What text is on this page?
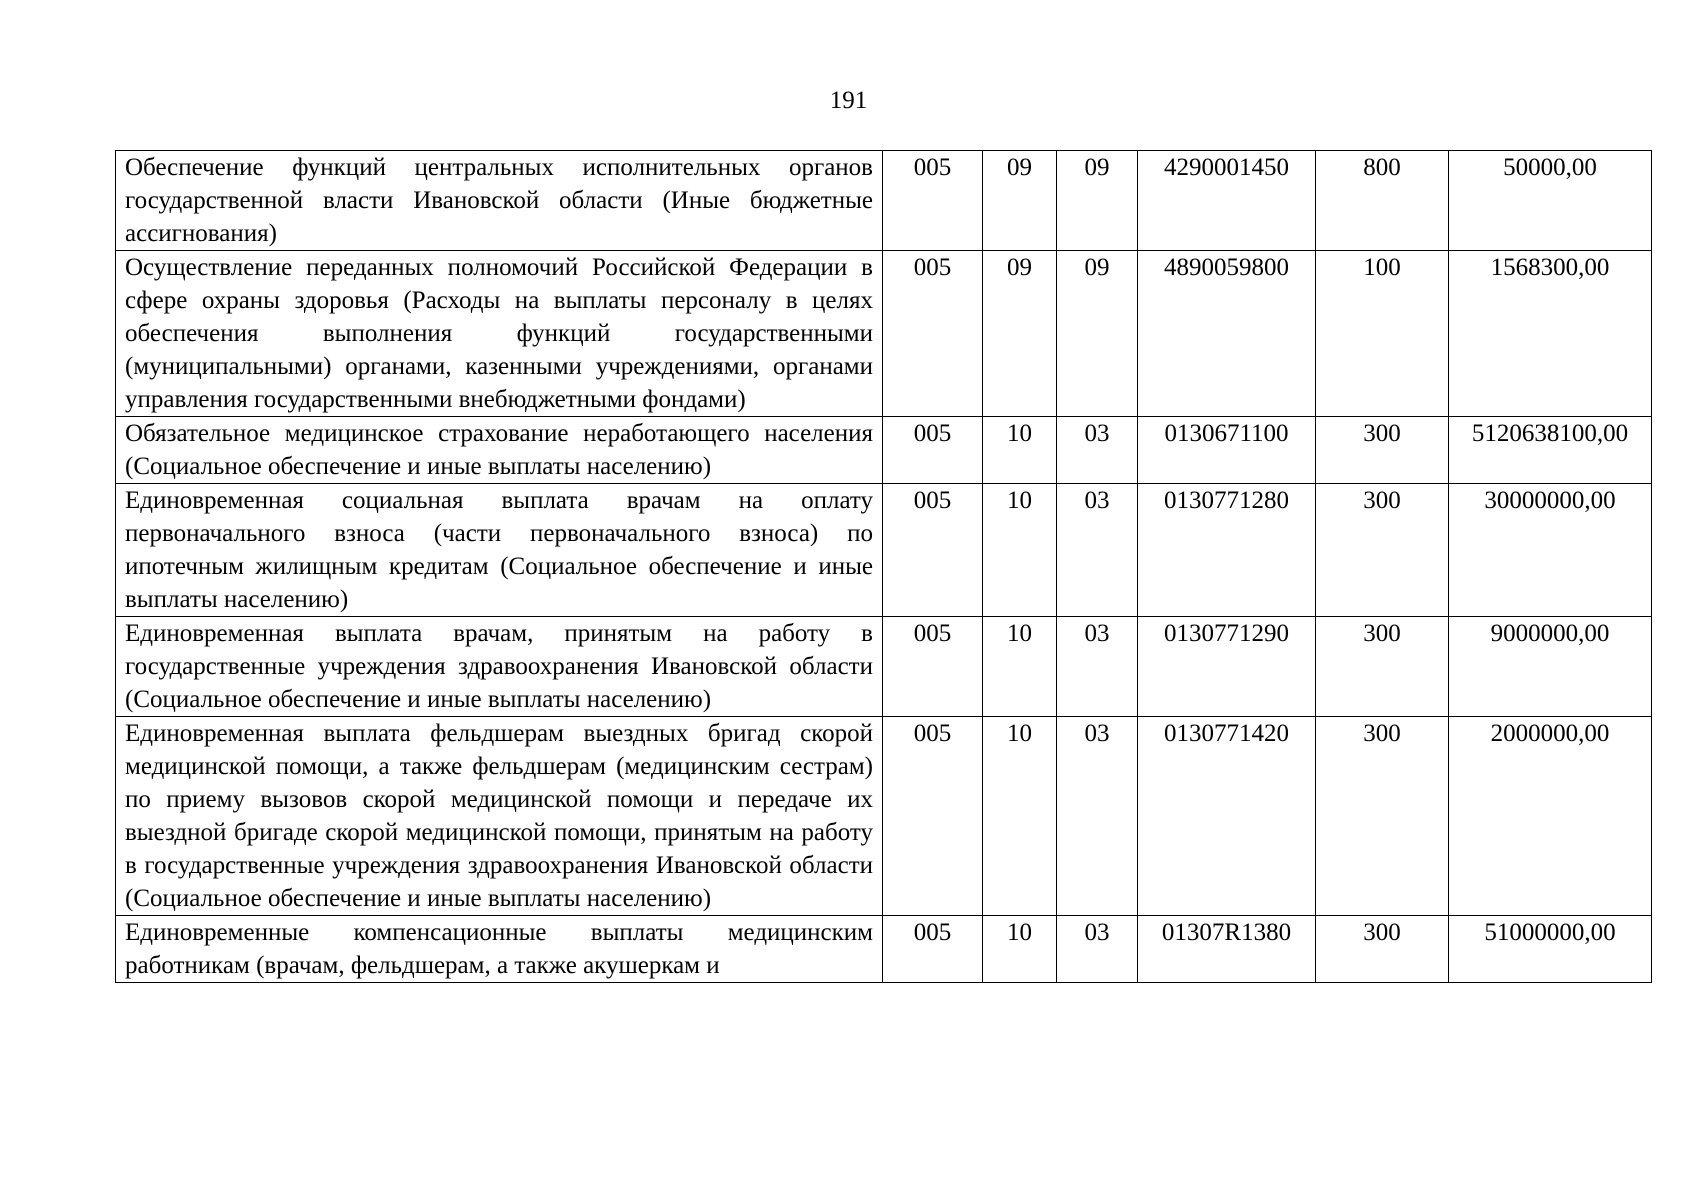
191
Обеспечение функций центральных исполнительных органов государственной власти Ивановской области (Иные бюджетные ассигнования)	005	09	09	4290001450	800	50000,00
Осуществление переданных полномочий Российской Федерации в сфере охраны здоровья (Расходы на выплаты персоналу в целях обеспечения выполнения функций государственными (муниципальными) органами, казенными учреждениями, органами управления государственными внебюджетными фондами)	005	09	09	4890059800	100	1568300,00
Обязательное медицинское страхование неработающего населения (Социальное обеспечение и иные выплаты населению)	005	10	03	0130671100	300	5120638100,00
Единовременная социальная выплата врачам на оплату первоначального взноса (части первоначального взноса) по ипотечным жилищным кредитам (Социальное обеспечение и иные выплаты населению)	005	10	03	0130771280	300	30000000,00
Единовременная выплата врачам, принятым на работу в государственные учреждения здравоохранения Ивановской области (Социальное обеспечение и иные выплаты населению)	005	10	03	0130771290	300	9000000,00
Единовременная выплата фельдшерам выездных бригад скорой медицинской помощи, а также фельдшерам (медицинским сестрам) по приему вызовов скорой медицинской помощи и передаче их выездной бригаде скорой медицинской помощи, принятым на работу в государственные учреждения здравоохранения Ивановской области (Социальное обеспечение и иные выплаты населению)	005	10	03	0130771420	300	2000000,00
Единовременные компенсационные выплаты медицинским работникам (врачам, фельдшерам, а также акушеркам и	005	10	03	01307R1380	300	51000000,00
